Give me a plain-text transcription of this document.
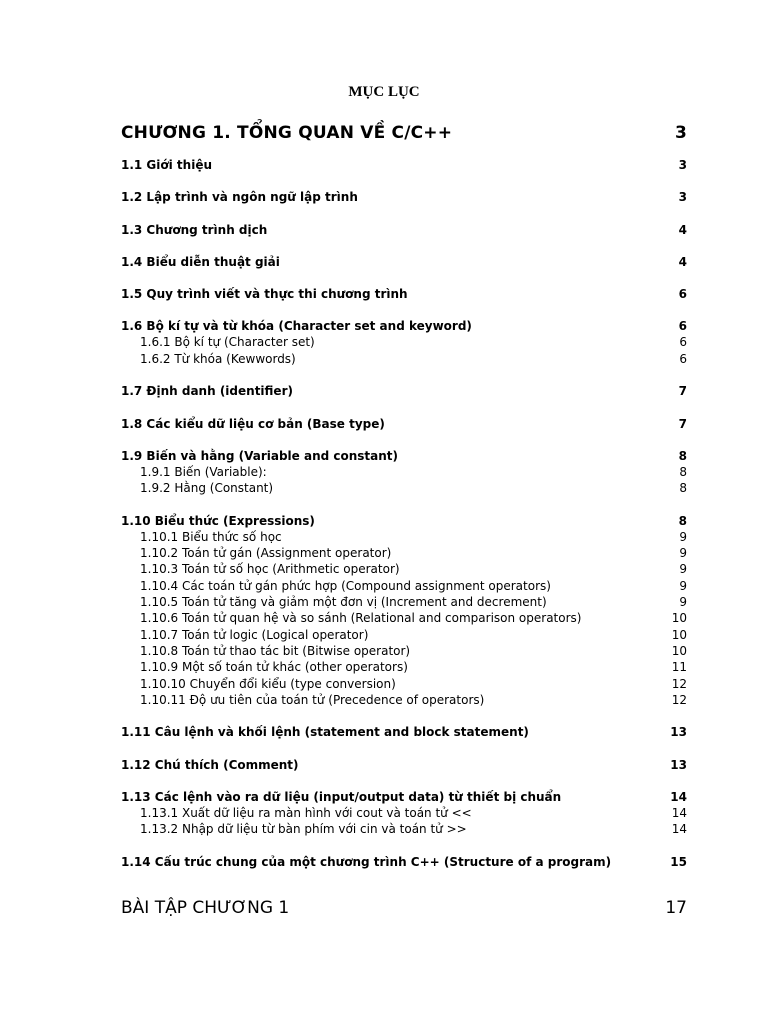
MỤC LỤC
CHƯƠNG 1. TỔNG QUAN VỀ C/C++	3
1.1 Giới thiệu	3
1.2 Lập trình và ngôn ngữ lập trình	3
1.3 Chương trình dịch	4
1.4 Biểu diễn thuật giải	4
1.5 Quy trình viết và thực thi chương trình	6
1.6 Bộ kí tự và từ khóa (Character set and keyword)	6
1.6.1 Bộ kí tự (Character set)	6
1.6.2 Từ khóa (Kewwords)	6
1.7 Định danh (identifier)	7
1.8 Các kiểu dữ liệu cơ bản (Base type)	7
1.9 Biến và hằng (Variable and constant)	8
1.9.1 Biến (Variable):	8
1.9.2 Hằng (Constant)	8
1.10 Biểu thức (Expressions)	8
1.10.1 Biểu thức số học	9
1.10.2 Toán tử gán (Assignment operator)	9
1.10.3 Toán tử số học (Arithmetic operator)	9
1.10.4 Các toán tử gán phức hợp (Compound assignment operators)	9
1.10.5 Toán tử tăng và giảm một đơn vị (Increment and decrement)	9
1.10.6 Toán tử quan hệ và so sánh (Relational and comparison operators)	10
1.10.7 Toán tử logic (Logical operator)	10
1.10.8 Toán tử thao tác bit (Bitwise operator)	10
1.10.9 Một số toán tử khác (other operators)	11
1.10.10 Chuyển đổi kiểu (type conversion)	12
1.10.11 Độ ưu tiên của toán tử (Precedence of operators)	12
1.11 Câu lệnh và khối lệnh (statement and block statement)	13
1.12 Chú thích (Comment)	13
1.13 Các lệnh vào ra dữ liệu (input/output data) từ thiết bị chuẩn	14
1.13.1 Xuất dữ liệu ra màn hình với cout và toán tử <<	14
1.13.2 Nhập dữ liệu từ bàn phím với cin và toán tử >>	14
1.14 Cấu trúc chung của một chương trình C++ (Structure of a program)	15
BÀI TẬP CHƯƠNG 1	17
